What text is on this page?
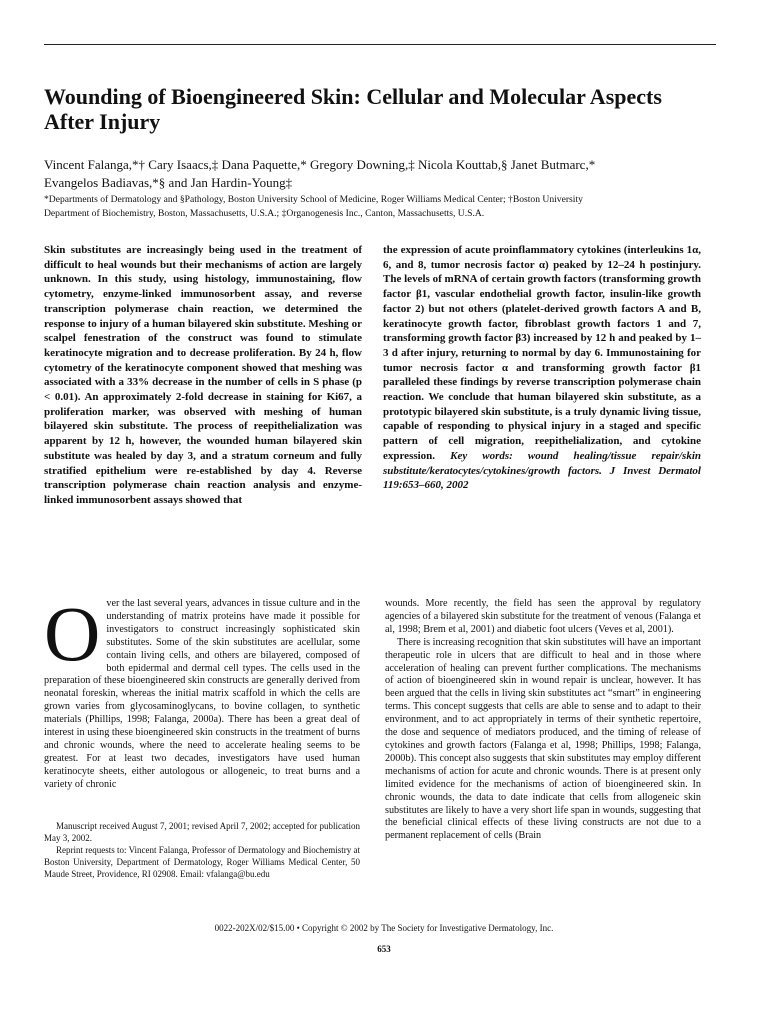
Wounding of Bioengineered Skin: Cellular and Molecular Aspects After Injury
Vincent Falanga,*† Cary Isaacs,‡ Dana Paquette,* Gregory Downing,‡ Nicola Kouttab,§ Janet Butmarc,*
Evangelos Badiavas,*§ and Jan Hardin-Young‡
*Departments of Dermatology and §Pathology, Boston University School of Medicine, Roger Williams Medical Center; †Boston University
Department of Biochemistry, Boston, Massachusetts, U.S.A.; ‡Organogenesis Inc., Canton, Massachusetts, U.S.A.
Skin substitutes are increasingly being used in the treatment of difficult to heal wounds but their mechanisms of action are largely unknown. In this study, using histology, immunostaining, flow cytometry, enzyme-linked immunosorbent assay, and reverse transcription polymerase chain reaction, we determined the response to injury of a human bilayered skin substitute. Meshing or scalpel fenestration of the construct was found to stimulate keratinocyte migration and to decrease proliferation. By 24 h, flow cytometry of the keratinocyte component showed that meshing was associated with a 33% decrease in the number of cells in S phase (p < 0.01). An approximately 2-fold decrease in staining for Ki67, a proliferation marker, was observed with meshing of human bilayered skin substitute. The process of reepithelialization was apparent by 12 h, however, the wounded human bilayered skin substitute was healed by day 3, and a stratum corneum and fully stratified epithelium were re-established by day 4. Reverse transcription polymerase chain reaction analysis and enzyme-linked immunosorbent assays showed that
the expression of acute proinflammatory cytokines (interleukins 1α, 6, and 8, tumor necrosis factor α) peaked by 12–24 h postinjury. The levels of mRNA of certain growth factors (transforming growth factor β1, vascular endothelial growth factor, insulin-like growth factor 2) but not others (platelet-derived growth factors A and B, keratinocyte growth factor, fibroblast growth factors 1 and 7, transforming growth factor β3) increased by 12 h and peaked by 1–3 d after injury, returning to normal by day 6. Immunostaining for tumor necrosis factor α and transforming growth factor β1 paralleled these findings by reverse transcription polymerase chain reaction. We conclude that human bilayered skin substitute, as a prototypic bilayered skin substitute, is a truly dynamic living tissue, capable of responding to physical injury in a staged and specific pattern of cell migration, reepithelialization, and cytokine expression. Key words: wound healing/tissue repair/skin substitute/keratocytes/cytokines/growth factors. J Invest Dermatol 119:653–660, 2002

Over the last several years, advances in tissue culture and in the understanding of matrix proteins have made it possible for investigators to construct increasingly sophisticated skin substitutes. Some of the skin substitutes are acellular, some contain living cells, and others are bilayered, composed of both epidermal and dermal cell types. The cells used in the preparation of these bioengineered skin constructs are generally derived from neonatal foreskin, whereas the initial matrix scaffold in which the cells are grown varies from glycosaminoglycans, to bovine collagen, to synthetic materials (Phillips, 1998; Falanga, 2000a). There has been a great deal of interest in using these bioengineered skin constructs in the treatment of burns and chronic wounds, where the need to accelerate healing seems to be greatest. For at least two decades, investigators have used human keratinocyte sheets, either autologous or allogeneic, to treat burns and a variety of chronic

Manuscript received August 7, 2001; revised April 7, 2002; accepted for publication May 3, 2002.

Reprint requests to: Vincent Falanga, Professor of Dermatology and Biochemistry at Boston University, Department of Dermatology, Roger Williams Medical Center, 50 Maude Street, Providence, RI 02908. Email: vfalanga@bu.edu

wounds. More recently, the field has seen the approval by regulatory agencies of a bilayered skin substitute for the treatment of venous (Falanga et al, 1998; Brem et al, 2001) and diabetic foot ulcers (Veves et al, 2001).

There is increasing recognition that skin substitutes will have an important therapeutic role in ulcers that are difficult to heal and in those where acceleration of healing can prevent further complications. The mechanisms of action of bioengineered skin in wound repair is unclear, however. It has been argued that the cells in living skin substitutes act “smart” in engineering terms. This concept suggests that cells are able to sense and to adapt to their environment, and to act appropriately in terms of their synthetic repertoire, the dose and sequence of mediators produced, and the timing of release of cytokines and growth factors (Falanga et al, 1998; Phillips, 1998; Falanga, 2000b). This concept also suggests that skin substitutes may employ different mechanisms of action for acute and chronic wounds. There is at present only limited evidence for the mechanisms of action of bioengineered skin. In chronic wounds, the data to date indicate that cells from allogeneic skin substitutes are likely to have a very short life span in wounds, suggesting that the beneficial clinical effects of these living constructs are not due to a permanent replacement of cells (Brain

0022-202X/02/$15.00 • Copyright © 2002 by The Society for Investigative Dermatology, Inc.
653
